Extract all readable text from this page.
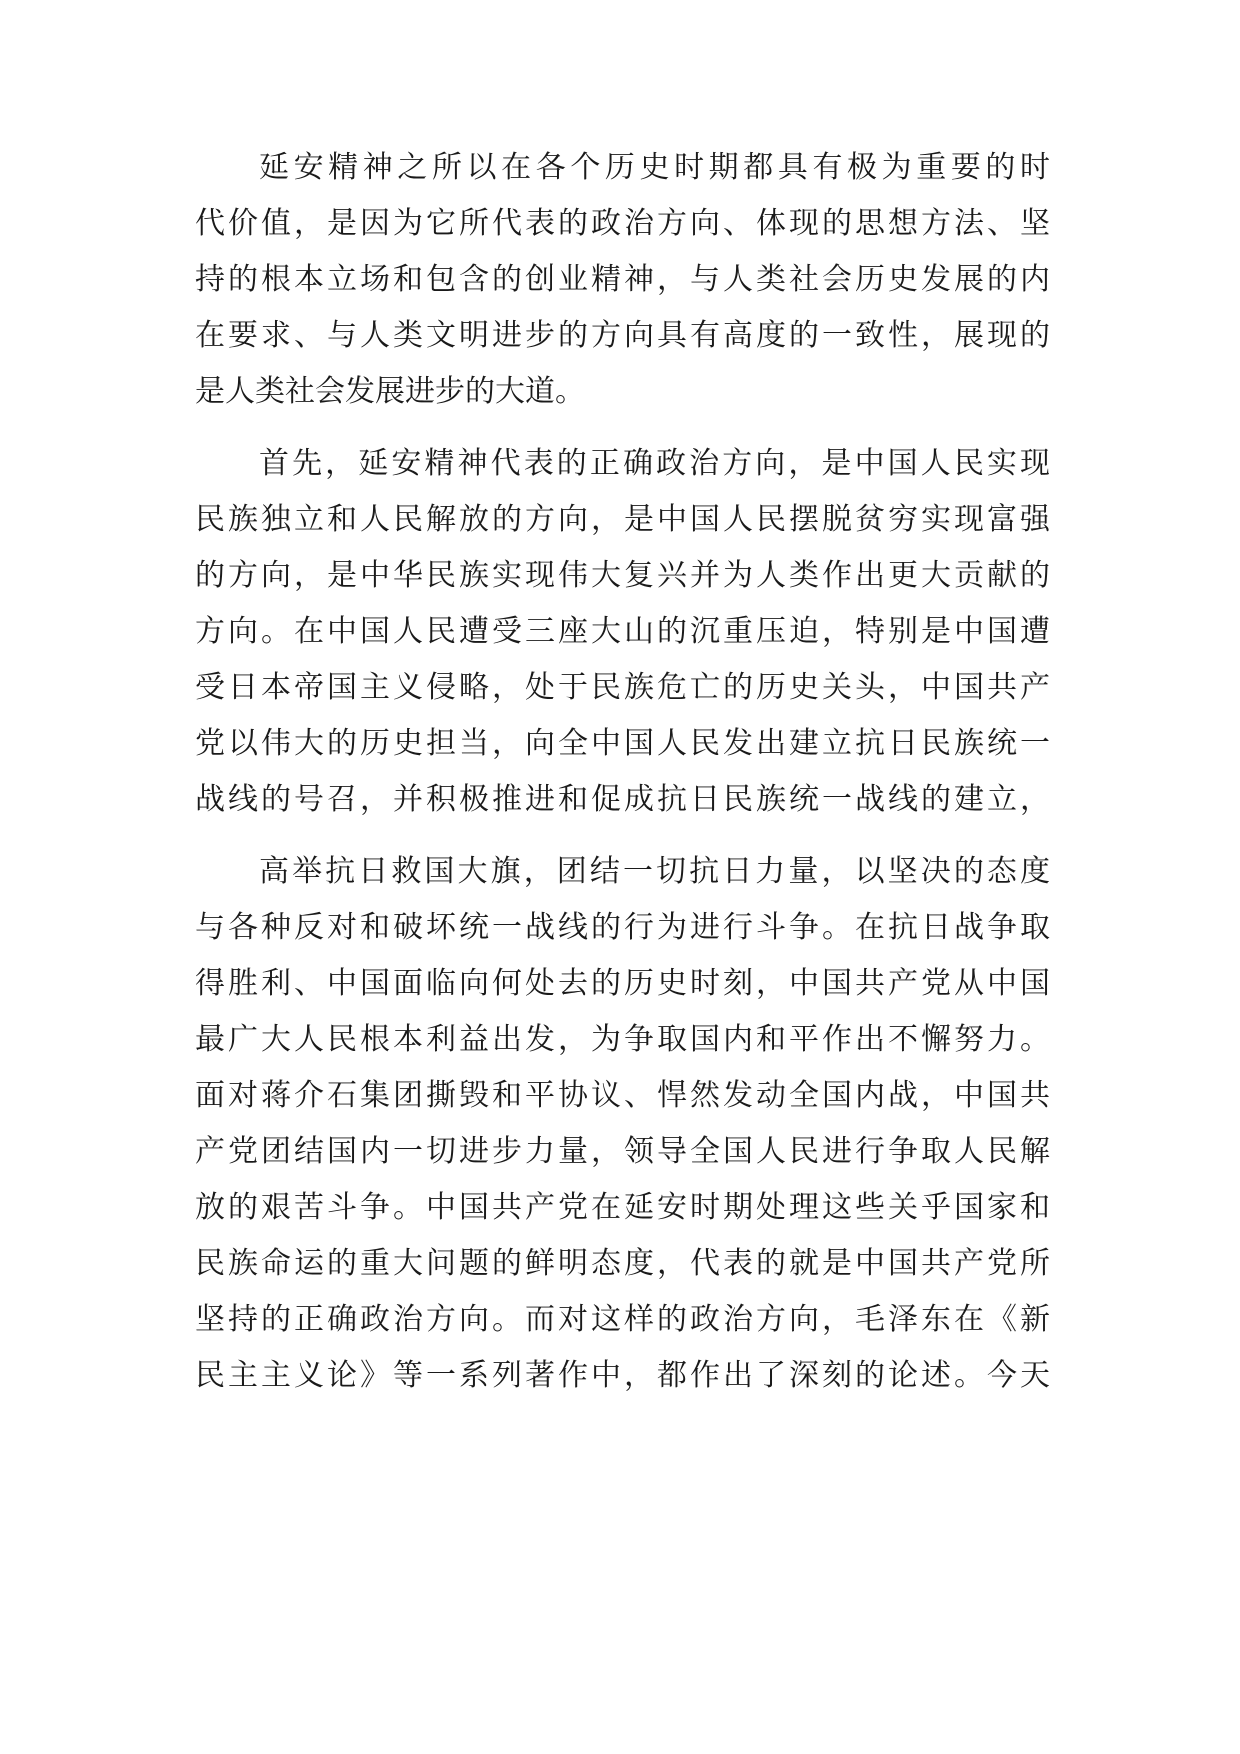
延安精神之所以在各个历史时期都具有极为重要的时
代价值，是因为它所代表的政治方向、体现的思想方法、坚
持的根本立场和包含的创业精神，与人类社会历史发展的内
在要求、与人类文明进步的方向具有高度的一致性，展现的
是人类社会发展进步的大道。
首先，延安精神代表的正确政治方向，是中国人民实现
民族独立和人民解放的方向，是中国人民摆脱贫穷实现富强
的方向，是中华民族实现伟大复兴并为人类作出更大贡献的
方向。在中国人民遭受三座大山的沉重压迫，特别是中国遭
受日本帝国主义侵略，处于民族危亡的历史关头，中国共产
党以伟大的历史担当，向全中国人民发出建立抗日民族统一
战线的号召，并积极推进和促成抗日民族统一战线的建立，
高举抗日救国大旗，团结一切抗日力量，以坚决的态度
与各种反对和破坏统一战线的行为进行斗争。在抗日战争取
得胜利、中国面临向何处去的历史时刻，中国共产党从中国
最广大人民根本利益出发，为争取国内和平作出不懈努力。
面对蒋介石集团撕毁和平协议、悍然发动全国内战，中国共
产党团结国内一切进步力量，领导全国人民进行争取人民解
放的艰苦斗争。中国共产党在延安时期处理这些关乎国家和
民族命运的重大问题的鲜明态度，代表的就是中国共产党所
坚持的正确政治方向。而对这样的政治方向，毛泽东在《新
民主主义论》等一系列著作中，都作出了深刻的论述。今天
